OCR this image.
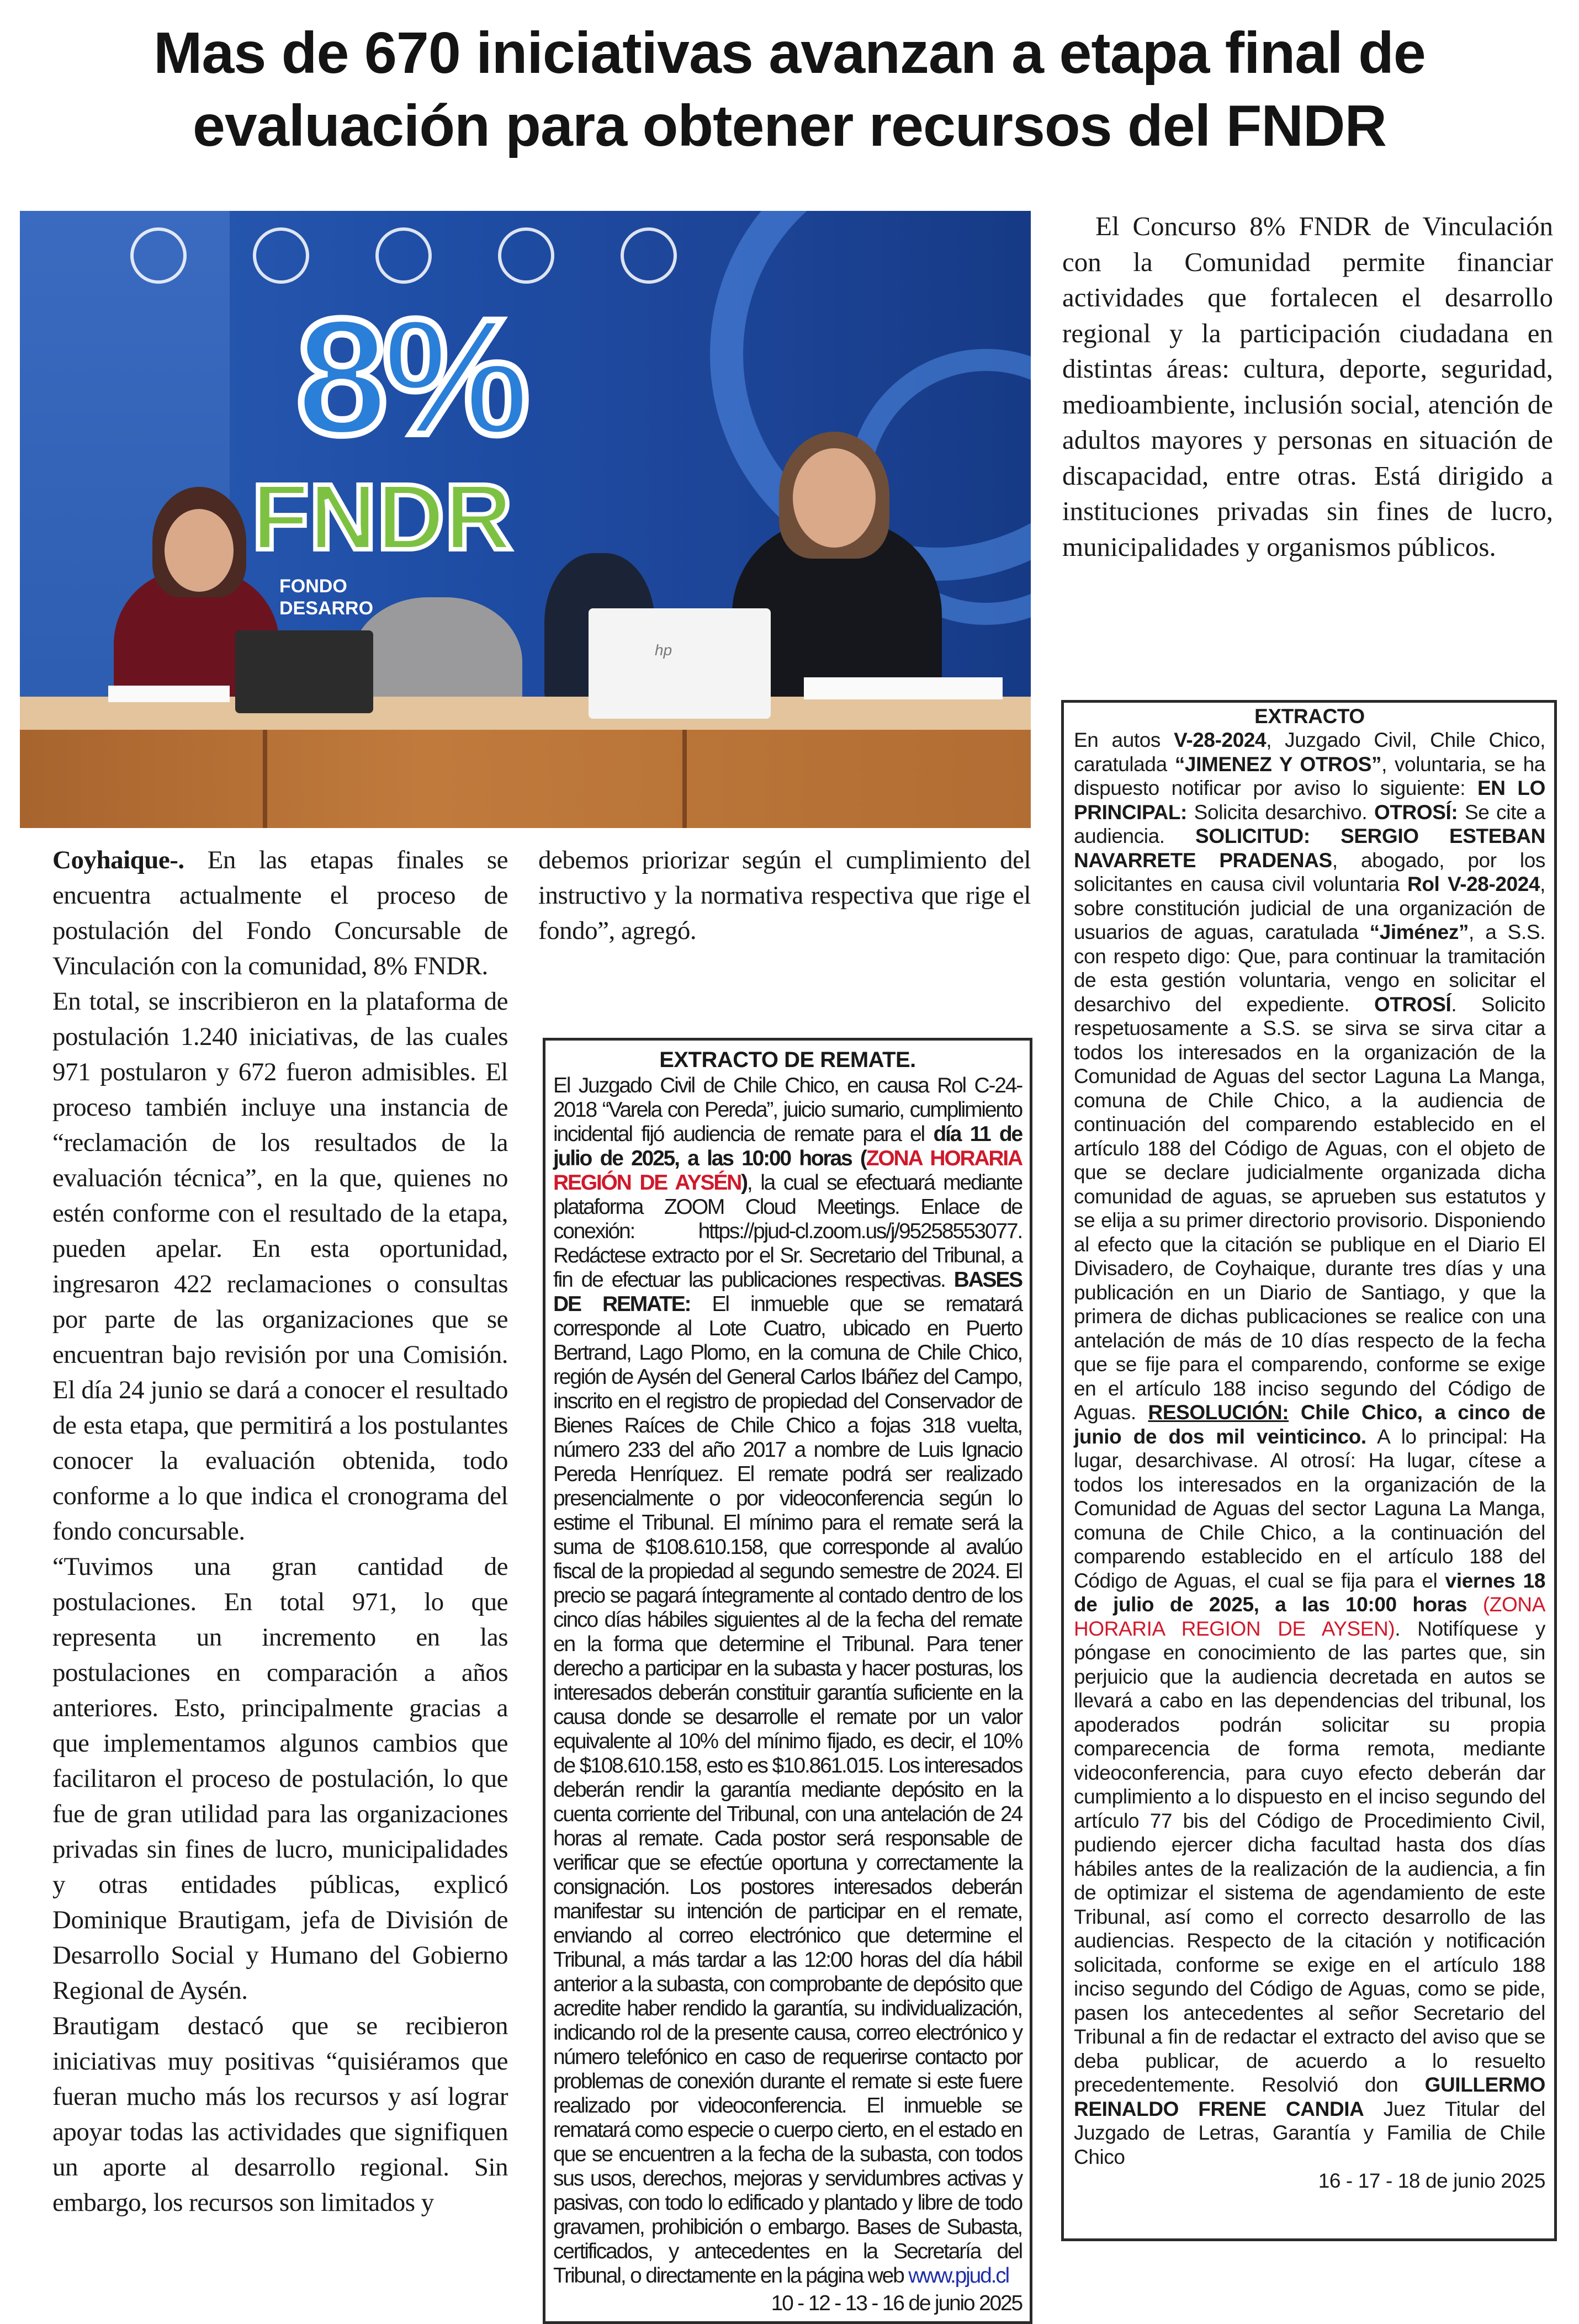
Mas de 670 iniciativas avanzan a etapa final de
evaluación para obtener recursos del FNDR
8%
FNDR
FONDO
DESARRO
hp

El Concurso 8% FNDR de Vinculación con la Comunidad permite financiar actividades que fortalecen el desarrollo regional y la participación ciudadana en distintas áreas: cultura, deporte, seguridad, medioambiente, inclusión social, atención de adultos mayores y personas en situación de discapacidad, entre otras. Está dirigido a instituciones privadas sin fines de lucro, municipalidades y organismos públicos.

Coyhaique-. En las etapas finales se encuentra actualmente el proceso de postulación del Fondo Concursable de Vinculación con la comunidad, 8% FNDR.

En total, se inscribieron en la plataforma de postulación 1.240 iniciativas, de las cuales 971 postularon y 672 fueron admisibles. El proceso también incluye una instancia de “reclamación de los resultados de la evaluación técnica”, en la que, quienes no estén conforme con el resultado de la etapa, pueden apelar. En esta oportunidad, ingresaron 422 reclamaciones o consultas por parte de las organizaciones que se encuentran bajo revisión por una Comisión. El día 24 junio se dará a conocer el resultado de esta etapa, que permitirá a los postulantes conocer la evaluación obtenida, todo conforme a lo que indica el cronograma del fondo concursable.

“Tuvimos una gran cantidad de postulaciones. En total 971, lo que representa un incremento en las postulaciones en comparación a años anteriores. Esto, principalmente gracias a que implementamos algunos cambios que facilitaron el proceso de postulación, lo que fue de gran utilidad para las organizaciones privadas sin fines de lucro, municipalidades y otras entidades públicas, explicó Dominique Brautigam, jefa de División de Desarrollo Social y Humano del Gobierno Regional de Aysén.

Brautigam destacó que se recibieron iniciativas muy positivas “quisiéramos que fueran mucho más los recursos y así lograr apoyar todas las actividades que signifiquen un aporte al desarrollo regional. Sin embargo, los recursos son limitados y

debemos priorizar según el cumplimiento del instructivo y la normativa respectiva que rige el fondo”, agregó.

EXTRACTO DE REMATE.
El Juzgado Civil de Chile Chico, en causa Rol C-24-2018 “Varela con Pereda”, juicio sumario, cumplimiento incidental fijó audiencia de remate para el día 11 de julio de 2025, a las 10:00 horas (ZONA HORARIA REGIÓN DE AYSÉN), la cual se efectuará mediante plataforma ZOOM Cloud Meetings. Enlace de conexión: https://pjud-cl.zoom.us/j/95258553077. Redáctese extracto por el Sr. Secretario del Tribunal, a fin de efectuar las publicaciones respectivas. BASES DE REMATE: El inmueble que se rematará corresponde al Lote Cuatro, ubicado en Puerto Bertrand, Lago Plomo, en la comuna de Chile Chico, región de Aysén del General Carlos Ibáñez del Campo, inscrito en el registro de propiedad del Conservador de Bienes Raíces de Chile Chico a fojas 318 vuelta, número 233 del año 2017 a nombre de Luis Ignacio Pereda Henríquez. El remate podrá ser realizado presencialmente o por videoconferencia según lo estime el Tribunal. El mínimo para el remate será la suma de $108.610.158, que corresponde al avalúo fiscal de la propiedad al segundo semestre de 2024. El precio se pagará íntegramente al contado dentro de los cinco días hábiles siguientes al de la fecha del remate en la forma que determine el Tribunal. Para tener derecho a participar en la subasta y hacer posturas, los interesados deberán constituir garantía suficiente en la causa donde se desarrolle el remate por un valor equivalente al 10% del mínimo fijado, es decir, el 10% de $108.610.158, esto es $10.861.015. Los interesados deberán rendir la garantía mediante depósito en la cuenta corriente del Tribunal, con una antelación de 24 horas al remate. Cada postor será responsable de verificar que se efectúe oportuna y correctamente la consignación. Los postores interesados deberán manifestar su intención de participar en el remate, enviando al correo electrónico que determine el Tribunal, a más tardar a las 12:00 horas del día hábil anterior a la subasta, con comprobante de depósito que acredite haber rendido la garantía, su individualización, indicando rol de la presente causa, correo electrónico y número telefónico en caso de requerirse contacto por problemas de conexión durante el remate si este fuere realizado por videoconferencia. El inmueble se rematará como especie o cuerpo cierto, en el estado en que se encuentren a la fecha de la subasta, con todos sus usos, derechos, mejoras y servidumbres activas y pasivas, con todo lo edificado y plantado y libre de todo gravamen, prohibición o embargo. Bases de Subasta, certificados, y antecedentes en la Secretaría del Tribunal, o directamente en la página web www.pjud.cl
10 - 12 - 13 - 16 de junio 2025
EXTRACTO
En autos V-28-2024, Juzgado Civil, Chile Chico, caratulada “JIMENEZ Y OTROS”, voluntaria, se ha dispuesto notificar por aviso lo siguiente: EN LO PRINCIPAL: Solicita desarchivo. OTROSÍ: Se cite a audiencia. SOLICITUD: SERGIO ESTEBAN NAVARRETE PRADENAS, abogado, por los solicitantes en causa civil voluntaria Rol V-28-2024, sobre constitución judicial de una organización de usuarios de aguas, caratulada “Jiménez”, a S.S. con respeto digo: Que, para continuar la tramitación de esta gestión voluntaria, vengo en solicitar el desarchivo del expediente. OTROSÍ. Solicito respetuosamente a S.S. se sirva se sirva citar a todos los interesados en la organización de la Comunidad de Aguas del sector Laguna La Manga, comuna de Chile Chico, a la audiencia de continuación del comparendo establecido en el artículo 188 del Código de Aguas, con el objeto de que se declare judicialmente organizada dicha comunidad de aguas, se aprueben sus estatutos y se elija a su primer directorio provisorio. Disponiendo al efecto que la citación se publique en el Diario El Divisadero, de Coyhaique, durante tres días y una publicación en un Diario de Santiago, y que la primera de dichas publicaciones se realice con una antelación de más de 10 días respecto de la fecha que se fije para el comparendo, conforme se exige en el artículo 188 inciso segundo del Código de Aguas. RESOLUCIÓN: Chile Chico, a cinco de junio de dos mil veinticinco. A lo principal: Ha lugar, desarchivase. Al otrosí: Ha lugar, cítese a todos los interesados en la organización de la Comunidad de Aguas del sector Laguna La Manga, comuna de Chile Chico, a la continuación del comparendo establecido en el artículo 188 del Código de Aguas, el cual se fija para el viernes 18 de julio de 2025, a las 10:00 horas (ZONA HORARIA REGION DE AYSEN). Notifíquese y póngase en conocimiento de las partes que, sin perjuicio que la audiencia decretada en autos se llevará a cabo en las dependencias del tribunal, los apoderados podrán solicitar su propia comparecencia de forma remota, mediante videoconferencia, para cuyo efecto deberán dar cumplimiento a lo dispuesto en el inciso segundo del artículo 77 bis del Código de Procedimiento Civil, pudiendo ejercer dicha facultad hasta dos días hábiles antes de la realización de la audiencia, a fin de optimizar el sistema de agendamiento de este Tribunal, así como el correcto desarrollo de las audiencias. Respecto de la citación y notificación solicitada, conforme se exige en el artículo 188 inciso segundo del Código de Aguas, como se pide, pasen los antecedentes al señor Secretario del Tribunal a fin de redactar el extracto del aviso que se deba publicar, de acuerdo a lo resuelto precedentemente. Resolvió don GUILLERMO REINALDO FRENE CANDIA Juez Titular del Juzgado de Letras, Garantía y Familia de Chile Chico
16 - 17 - 18 de junio 2025
